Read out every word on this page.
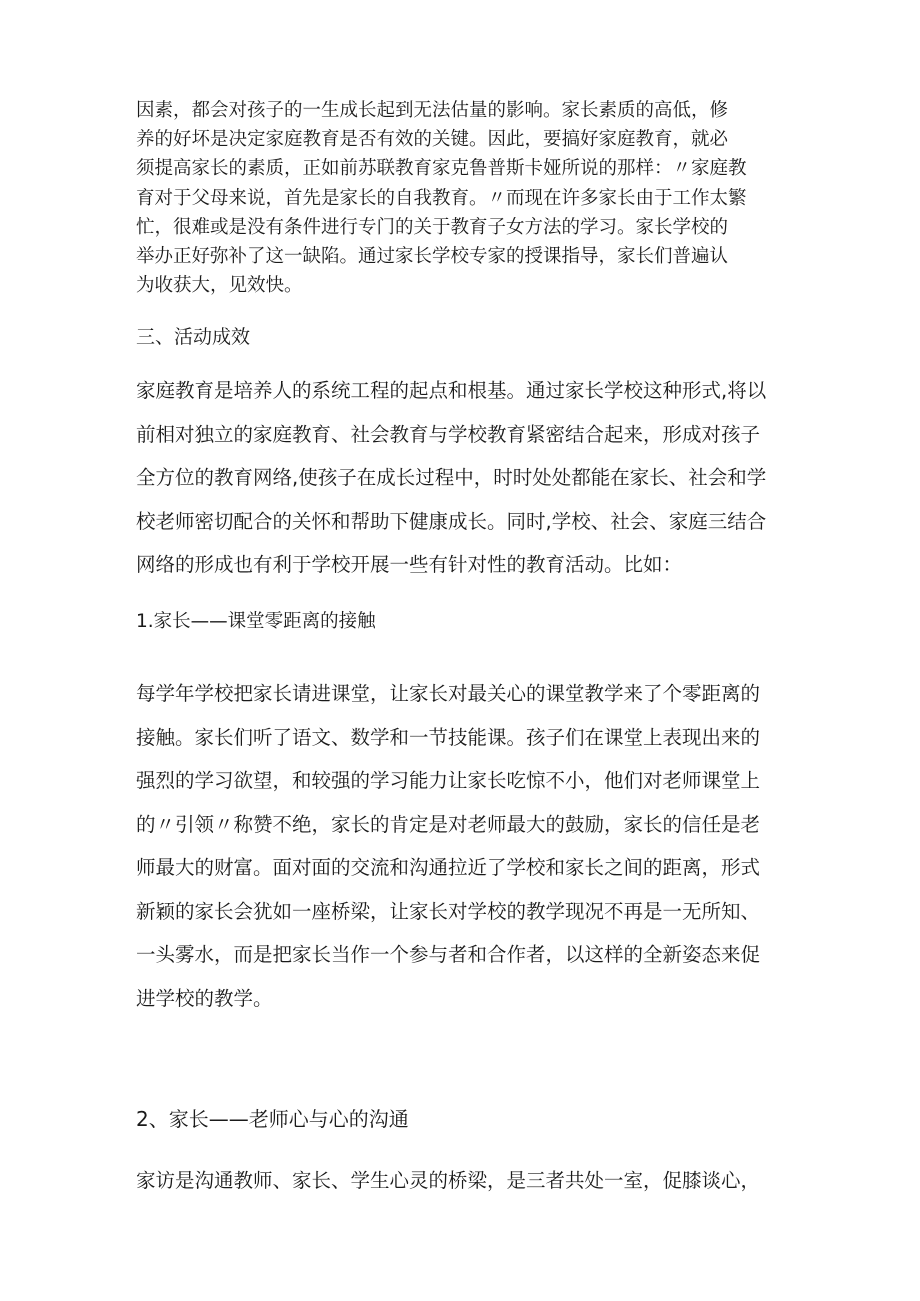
因素，都会对孩子的一生成长起到无法估量的影响。家长素质的高低，修
养的好坏是决定家庭教育是否有效的关键。因此，要搞好家庭教育，就必
须提高家长的素质，正如前苏联教育家克鲁普斯卡娅所说的那样：〃家庭教
育对于父母来说，首先是家长的自我教育。〃而现在许多家长由于工作太繁
忙，很难或是没有条件进行专门的关于教育子女方法的学习。家长学校的
举办正好弥补了这一缺陷。通过家长学校专家的授课指导，家长们普遍认
为收获大，见效快。
三、活动成效
家庭教育是培养人的系统工程的起点和根基。通过家长学校这种形式,将以
前相对独立的家庭教育、社会教育与学校教育紧密结合起来，形成对孩子
全方位的教育网络,使孩子在成长过程中，时时处处都能在家长、社会和学
校老师密切配合的关怀和帮助下健康成长。同时,学校、社会、家庭三结合
网络的形成也有利于学校开展一些有针对性的教育活动。比如：
1.家长——课堂零距离的接触
每学年学校把家长请进课堂，让家长对最关心的课堂教学来了个零距离的
接触。家长们听了语文、数学和一节技能课。孩子们在课堂上表现出来的
强烈的学习欲望，和较强的学习能力让家长吃惊不小，他们对老师课堂上
的〃引领〃称赞不绝，家长的肯定是对老师最大的鼓励，家长的信任是老
师最大的财富。面对面的交流和沟通拉近了学校和家长之间的距离，形式
新颖的家长会犹如一座桥梁，让家长对学校的教学现况不再是一无所知、
一头雾水，而是把家长当作一个参与者和合作者，以这样的全新姿态来促
进学校的教学。
2、家长——老师心与心的沟通
家访是沟通教师、家长、学生心灵的桥梁，是三者共处一室，促膝谈心，
